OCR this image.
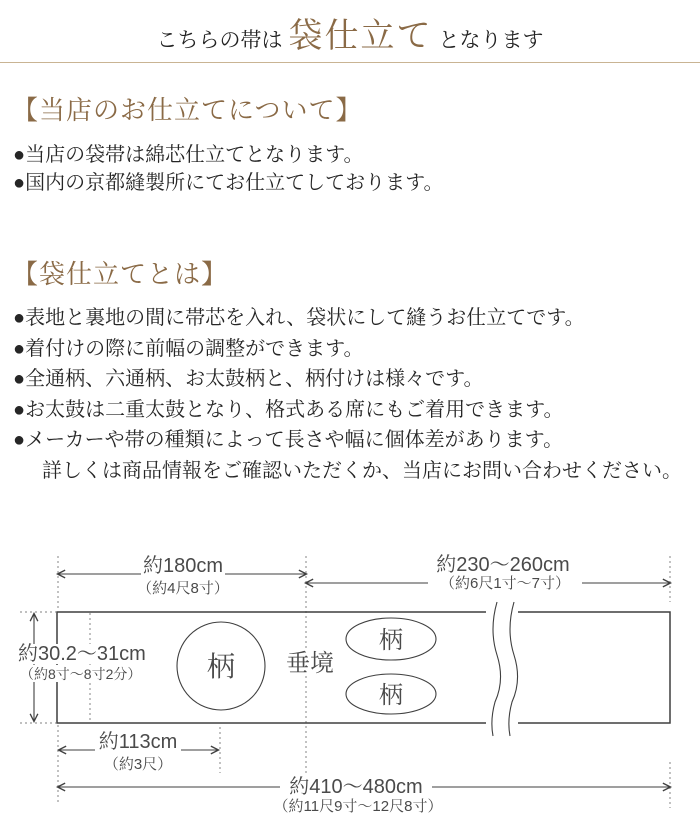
こちらの帯は 袋仕立て となります
【当店のお仕立てについて】
●当店の袋帯は綿芯仕立てとなります。
●国内の京都縫製所にてお仕立てしております。
【袋仕立てとは】
●表地と裏地の間に帯芯を入れ、袋状にして縫うお仕立てです。
●着付けの際に前幅の調整ができます。
●全通柄、六通柄、お太鼓柄と、柄付けは様々です。
●お太鼓は二重太鼓となり、格式ある席にもご着用できます。
●メーカーや帯の種類によって長さや幅に個体差があります。
詳しくは商品情報をご確認いただくか、当店にお問い合わせください。
約180cm
（約4尺8寸）
約230〜260cm
（約6尺1寸〜7寸）
約30.2〜31cm
（約8寸〜8寸2分）
約113cm
（約3尺）
約410〜480cm
（約11尺9寸〜12尺8寸）
柄
柄
柄
垂境
